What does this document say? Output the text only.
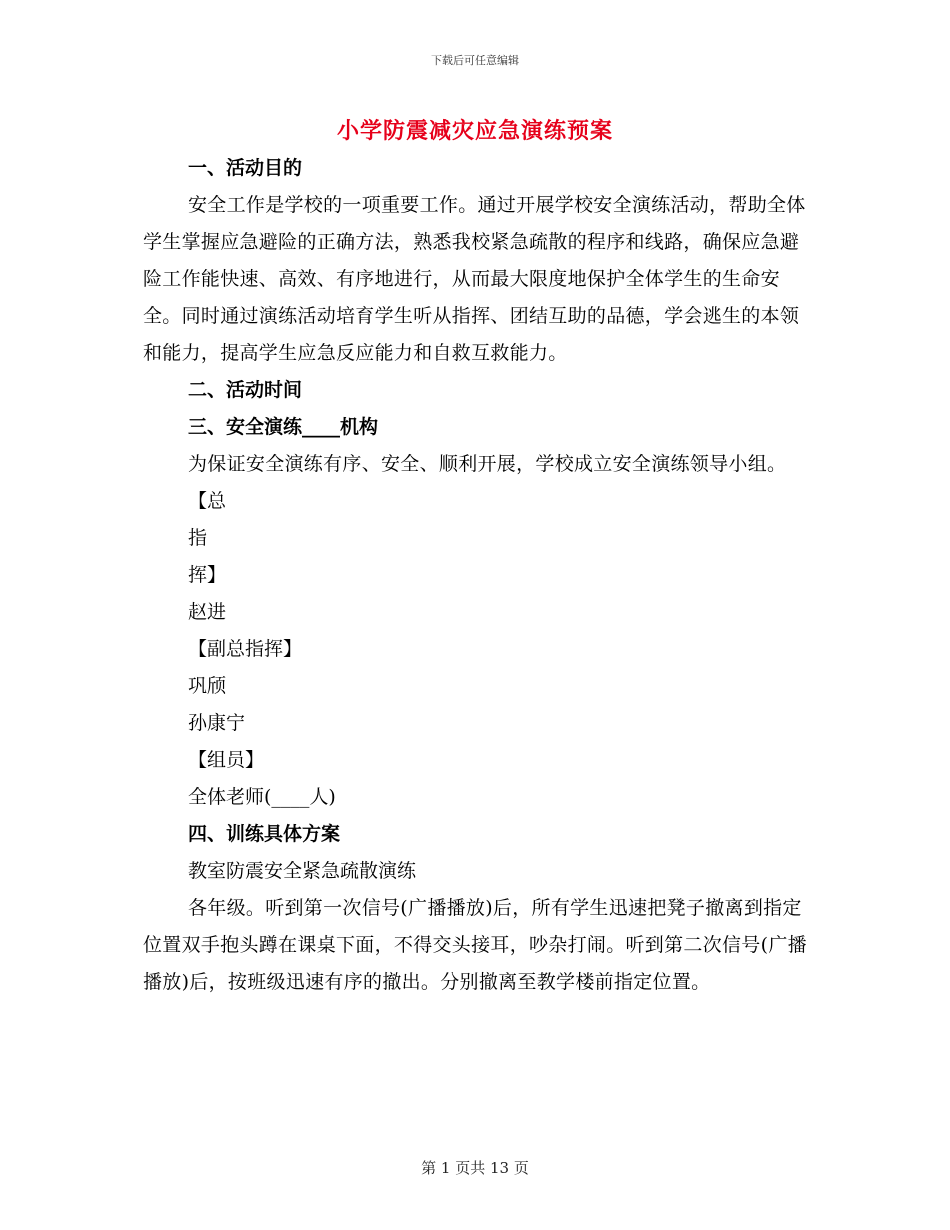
下载后可任意编辑
小学防震减灾应急演练预案

一、活动目的

安全工作是学校的一项重要工作。通过开展学校安全演练活动，帮助全体学生掌握应急避险的正确方法，熟悉我校紧急疏散的程序和线路，确保应急避险工作能快速、高效、有序地进行，从而最大限度地保护全体学生的生命安全。同时通过演练活动培育学生听从指挥、团结互助的品德，学会逃生的本领和能力，提高学生应急反应能力和自救互救能力。

二、活动时间

三、安全演练____机构

为保证安全演练有序、安全、顺利开展，学校成立安全演练领导小组。

【总

指

挥】

赵进

【副总指挥】

巩颀

孙康宁

【组员】

全体老师(____人)

四、训练具体方案

教室防震安全紧急疏散演练

各年级。听到第一次信号(广播播放)后，所有学生迅速把凳子撤离到指定位置双手抱头蹲在课桌下面，不得交头接耳，吵杂打闹。听到第二次信号(广播播放)后，按班级迅速有序的撤出。分别撤离至教学楼前指定位置。

第 1 页共 13 页
